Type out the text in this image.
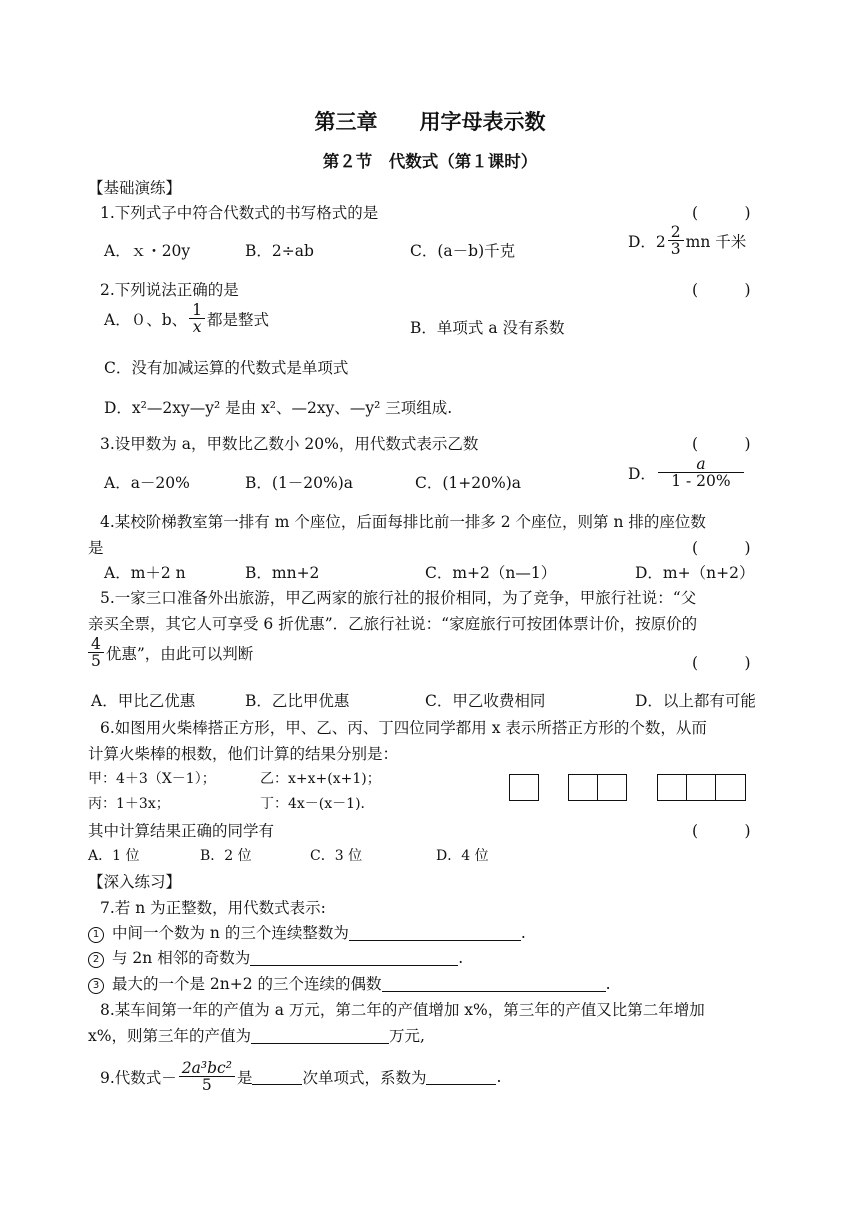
第三章　　用字母表示数
第２节　代数式（第１课时）
【基础演练】
1.下列式子中符合代数式的书写格式的是	(　　　)
A．ｘ・20y	B．2÷ab	C．(a－b)千克
D．$2 \frac{2}{3}$ mn 千米
2.下列说法正确的是	(　　　)
A．０、b、 $\frac{1}{x}$ 都是整式	B．单项式 a 没有系数
C．没有加减运算的代数式是单项式
D．x²—2xy—y² 是由 x²、—2xy、—y² 三项组成.
3.设甲数为 a，甲数比乙数小 20%，用代数式表示乙数	(　　　)
A．a－20%	B．(1－20%)a	C．(1+20%)a
D． $\frac{a}{1 - 20\%}$
4.某校阶梯教室第一排有 m 个座位，后面每排比前一排多 2 个座位，则第 n 排的座位数
是	(　　　)
A．m＋2 n	B．mn+2	C．m+2（n—1）	D．m+（n+2）
5.一家三口准备外出旅游，甲乙两家的旅行社的报价相同，为了竞争，甲旅行社说：“父
亲买全票，其它人可享受 6 折优惠”．乙旅行社说：“家庭旅行可按团体票计价，按原价的
$\frac{4}{5}$ 优惠”，由此可以判断
(　　　)
A．甲比乙优惠	B．乙比甲优惠	C．甲乙收费相同	D．以上都有可能
6.如图用火柴棒搭正方形，甲、乙、丙、丁四位同学都用 x 表示所搭正方形的个数，从而
计算火柴棒的根数，他们计算的结果分别是：
甲：4＋3（X－1）；	乙：x+x+(x+1)；
丙：1＋3x；	丁：4x－(x－1)．
其中计算结果正确的同学有	(　　　)
A．1 位	B．2 位	C．3 位	D．4 位
【深入练习】
7.若 n 为正整数，用代数式表示:
1 中间一个数为 n 的三个连续整数为	.
2 与 2n 相邻的奇数为	.
3 最大的一个是 2n+2 的三个连续的偶数	.
8.某车间第一年的产值为 a 万元，第二年的产值增加 x%，第三年的产值又比第二年增加
x%，则第三年的产值为	万元,
9.代数式－ $\frac{\text{2a³bc²}}{5}$ 是	次单项式，系数为	.
